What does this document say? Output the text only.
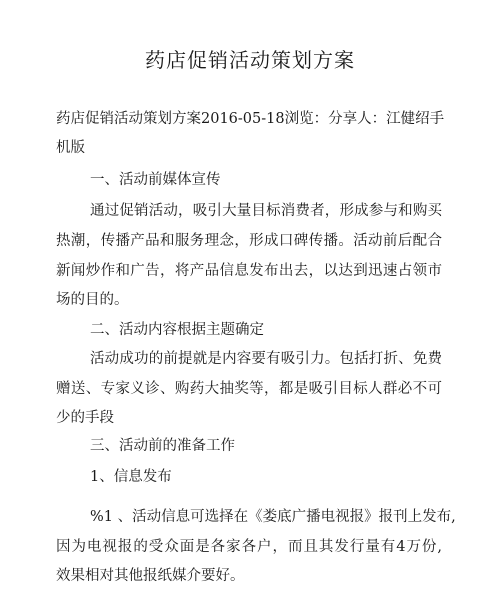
药店促销活动策划方案
药店促销活动策划方案2016-05-18浏览：分享人：江健绍手
机版
一、活动前媒体宣传
通过促销活动，吸引大量目标消费者，形成参与和购买
热潮，传播产品和服务理念，形成口碑传播。活动前后配合
新闻炒作和广告，将产品信息发布出去，以达到迅速占领市
场的目的。
二、活动内容根据主题确定
活动成功的前提就是内容要有吸引力。包括打折、免费
赠送、专家义诊、购药大抽奖等，都是吸引目标人群必不可
少的手段
三、活动前的准备工作
1、信息发布
%1 、活动信息可选择在《娄底广播电视报》报刊上发布,
因为电视报的受众面是各家各户，而且其发行量有4万份,
效果相对其他报纸媒介要好。
